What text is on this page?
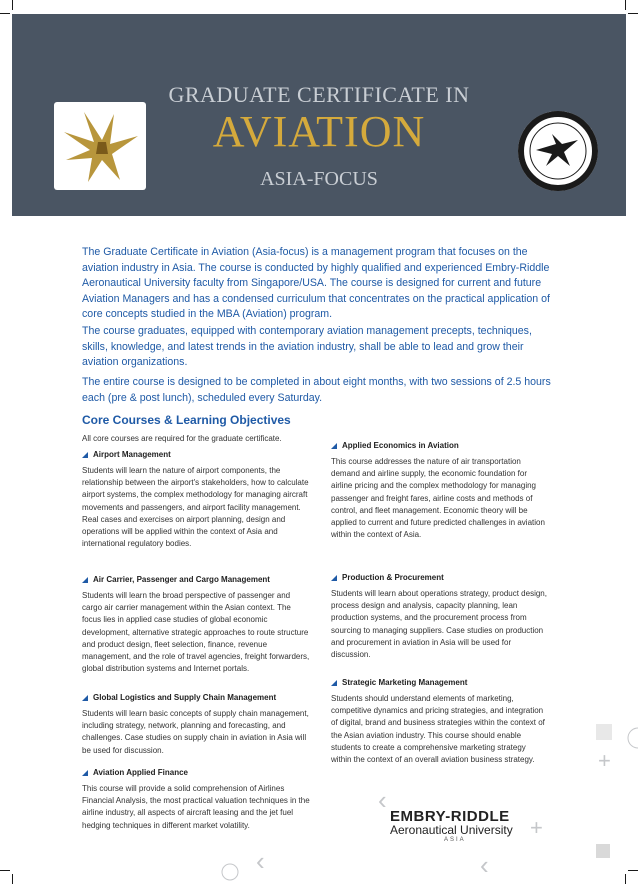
GRADUATE CERTIFICATE IN
AVIATION
ASIA-FOCUS
The Graduate Certificate in Aviation (Asia-focus) is a management program that focuses on the aviation industry in Asia. The course is conducted by highly qualified and experienced Embry-Riddle Aeronautical University faculty from Singapore/USA. The course is designed for current and future Aviation Managers and has a condensed curriculum that concentrates on the practical application of core concepts studied in the MBA (Aviation) program.
The course graduates, equipped with contemporary aviation management precepts, techniques, skills, knowledge, and latest trends in the aviation industry, shall be able to lead and grow their aviation organizations.
The entire course is designed to be completed in about eight months, with two sessions of 2.5 hours each (pre & post lunch), scheduled every Saturday.
Core Courses & Learning Objectives
All core courses are required for the graduate certificate.
Airport Management
Students will learn the nature of airport components, the relationship between the airport's stakeholders, how to calculate airport systems, the complex methodology for managing aircraft movements and passengers, and airport facility management. Real cases and exercises on airport planning, design and operations will be applied within the context of Asia and international regulatory bodies.
Air Carrier, Passenger and Cargo Management
Students will learn the broad perspective of passenger and cargo air carrier management within the Asian context. The focus lies in applied case studies of global economic development, alternative strategic approaches to route structure and product design, fleet selection, finance, revenue management, and the role of travel agencies, freight forwarders, global distribution systems and Internet portals.
Global Logistics and Supply Chain Management
Students will learn basic concepts of supply chain management, including strategy, network, planning and forecasting, and challenges. Case studies on supply chain in aviation in Asia will be used for discussion.
Aviation Applied Finance
This course will provide a solid comprehension of Airlines Financial Analysis, the most practical valuation techniques in the airline industry, all aspects of aircraft leasing and the jet fuel hedging techniques in different market volatility.
Applied Economics in Aviation
This course addresses the nature of air transportation demand and airline supply, the economic foundation for airline pricing and the complex methodology for managing passenger and freight fares, airline costs and methods of control, and fleet management. Economic theory will be applied to current and future predicted challenges in aviation within the context of Asia.
Production & Procurement
Students will learn about operations strategy, product design, process design and analysis, capacity planning, lean production systems, and the procurement process from sourcing to managing suppliers. Case studies on production and procurement in aviation in Asia will be used for discussion.
Strategic Marketing Management
Students should understand elements of marketing, competitive dynamics and pricing strategies, and integration of digital, brand and business strategies within the context of the Asian aviation industry. This course should enable students to create a comprehensive marketing strategy within the context of an overall aviation business strategy.	+
+
‹
‹	‹
EMBRY-RIDDLE
Aeronautical University
ASIA
